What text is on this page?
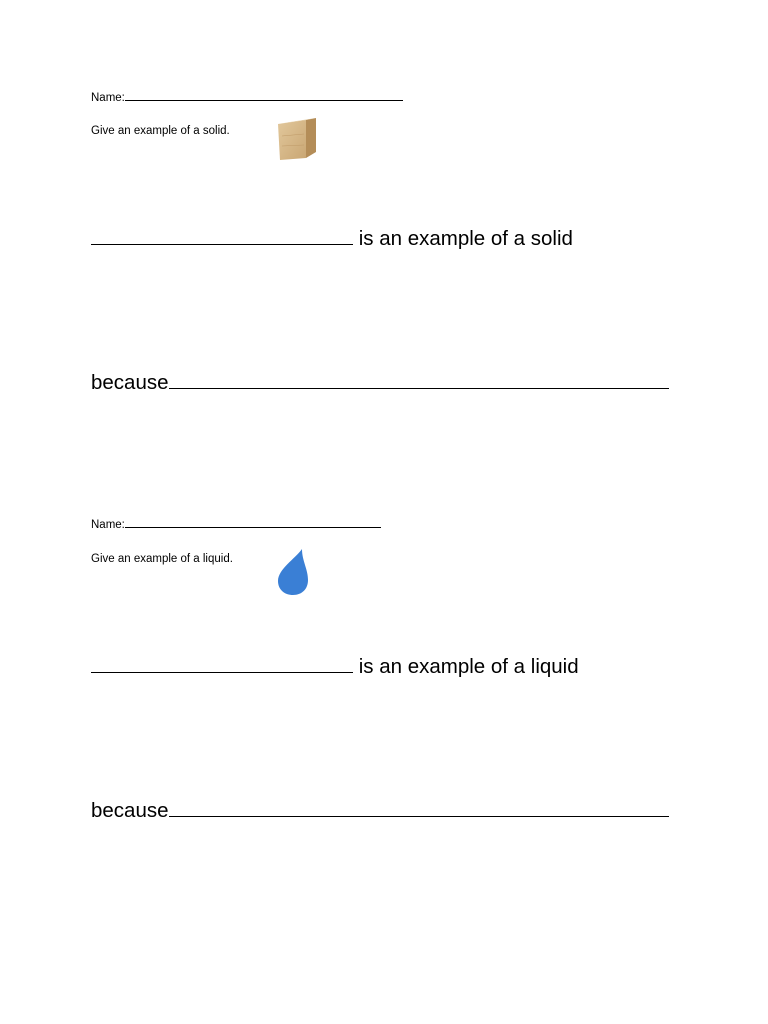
Name:
Give an example of a solid.
is an example of a solid
because
Name:
Give an example of a liquid.
is an example of a liquid
because
